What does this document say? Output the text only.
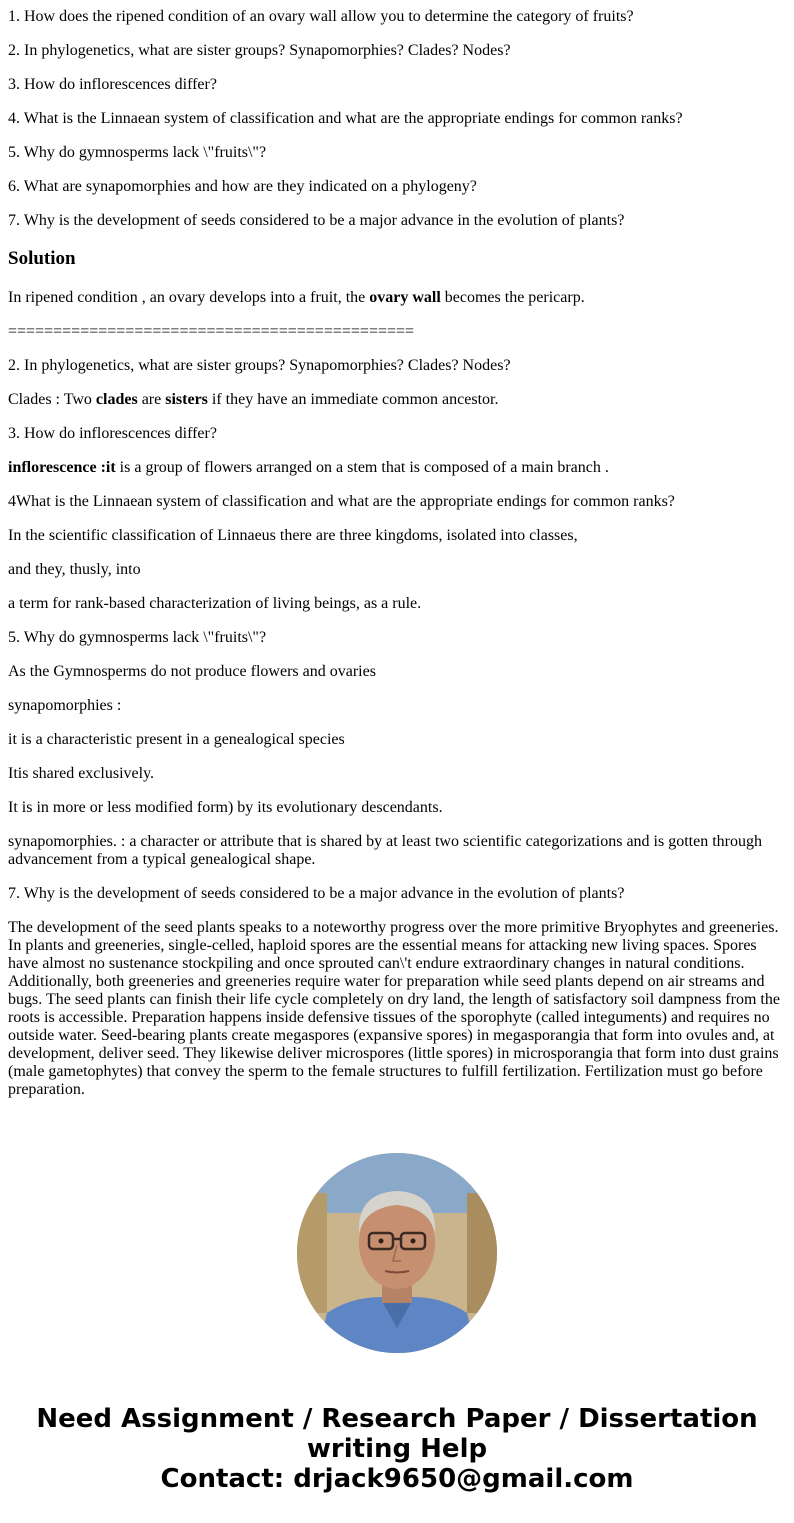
1. How does the ripened condition of an ovary wall allow you to determine the category of fruits?

2. In phylogenetics, what are sister groups? Synapomorphies? Clades? Nodes?

3. How do inflorescences differ?

4. What is the Linnaean system of classification and what are the appropriate endings for common ranks?

5. Why do gymnosperms lack \"fruits\"?

6. What are synapomorphies and how are they indicated on a phylogeny?

7. Why is the development of seeds considered to be a major advance in the evolution of plants?

Solution

In ripened condition , an ovary develops into a fruit, the ovary wall becomes the pericarp.

=============================================

2. In phylogenetics, what are sister groups? Synapomorphies? Clades? Nodes?

Clades : Two clades are sisters if they have an immediate common ancestor.

3. How do inflorescences differ?

inflorescence :it is a group of flowers arranged on a stem that is composed of a main branch .

4What is the Linnaean system of classification and what are the appropriate endings for common ranks?

In the scientific classification of Linnaeus there are three kingdoms, isolated into classes,

and they, thusly, into

a term for rank-based characterization of living beings, as a rule.

5. Why do gymnosperms lack \"fruits\"?

As the Gymnosperms do not produce flowers and ovaries

synapomorphies :

it is a characteristic present in a genealogical species

Itis shared exclusively.

It is in more or less modified form) by its evolutionary descendants.

synapomorphies. : a character or attribute that is shared by at least two scientific categorizations and is gotten through advancement from a typical genealogical shape.

7. Why is the development of seeds considered to be a major advance in the evolution of plants?

The development of the seed plants speaks to a noteworthy progress over the more primitive Bryophytes and greeneries. In plants and greeneries, single-celled, haploid spores are the essential means for attacking new living spaces. Spores have almost no sustenance stockpiling and once sprouted can\'t endure extraordinary changes in natural conditions. Additionally, both greeneries and greeneries require water for preparation while seed plants depend on air streams and bugs. The seed plants can finish their life cycle completely on dry land, the length of satisfactory soil dampness from the roots is accessible. Preparation happens inside defensive tissues of the sporophyte (called integuments) and requires no outside water. Seed-bearing plants create megaspores (expansive spores) in megasporangia that form into ovules and, at development, deliver seed. They likewise deliver microspores (little spores) in microsporangia that form into dust grains (male gametophytes) that convey the sperm to the female structures to fulfill fertilization. Fertilization must go before preparation.

Need Assignment / Research Paper / Dissertation
writing Help
Contact: drjack9650@gmail.com
